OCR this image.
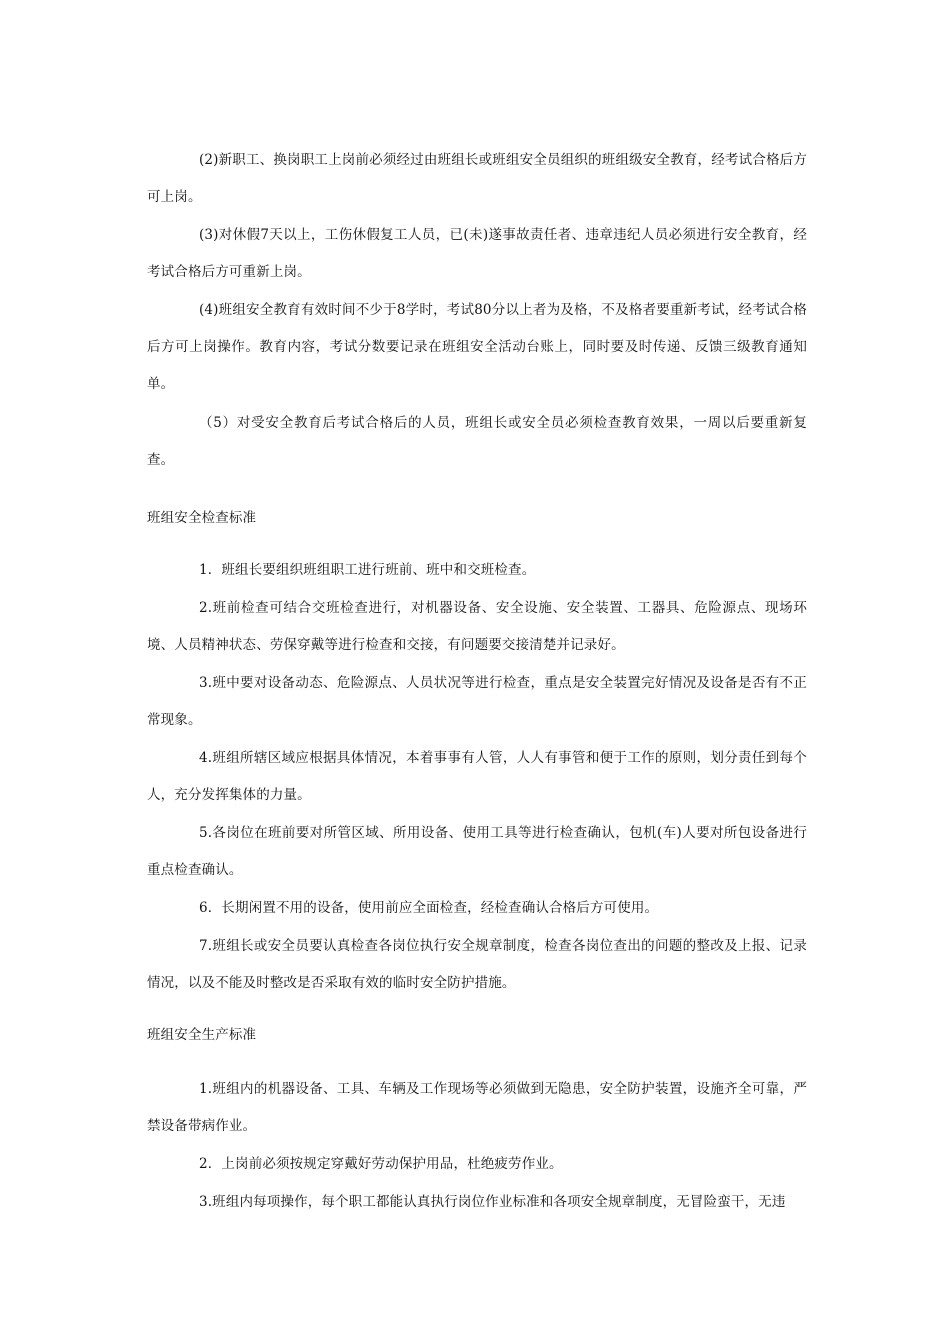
(2)新职工、换岗职工上岗前必须经过由班组长或班组安全员组织的班组级安全教育，经考试合格后方可上岗。

(3)对休假7天以上，工伤休假复工人员，已(未)遂事故责任者、违章违纪人员必须进行安全教育，经考试合格后方可重新上岗。

(4)班组安全教育有效时间不少于8学时，考试80分以上者为及格，不及格者要重新考试，经考试合格后方可上岗操作。教育内容，考试分数要记录在班组安全活动台账上，同时要及时传递、反馈三级教育通知单。

（5）对受安全教育后考试合格后的人员，班组长或安全员必须检查教育效果，一周以后要重新复查。

班组安全检查标准

1．班组长要组织班组职工进行班前、班中和交班检查。

2.班前检查可结合交班检查进行，对机器设备、安全设施、安全装置、工器具、危险源点、现场环境、人员精神状态、劳保穿戴等进行检查和交接，有问题要交接清楚并记录好。

3.班中要对设备动态、危险源点、人员状况等进行检查，重点是安全装置完好情况及设备是否有不正常现象。

4.班组所辖区域应根据具体情况，本着事事有人管，人人有事管和便于工作的原则，划分责任到每个人，充分发挥集体的力量。

5.各岗位在班前要对所管区域、所用设备、使用工具等进行检查确认，包机(车)人要对所包设备进行重点检查确认。

6．长期闲置不用的设备，使用前应全面检查，经检查确认合格后方可使用。

7.班组长或安全员要认真检查各岗位执行安全规章制度，检查各岗位查出的问题的整改及上报、记录情况，以及不能及时整改是否采取有效的临时安全防护措施。

班组安全生产标准

1.班组内的机器设备、工具、车辆及工作现场等必须做到无隐患，安全防护装置，设施齐全可靠，严禁设备带病作业。

2．上岗前必须按规定穿戴好劳动保护用品，杜绝疲劳作业。

3.班组内每项操作，每个职工都能认真执行岗位作业标准和各项安全规章制度，无冒险蛮干，无违
